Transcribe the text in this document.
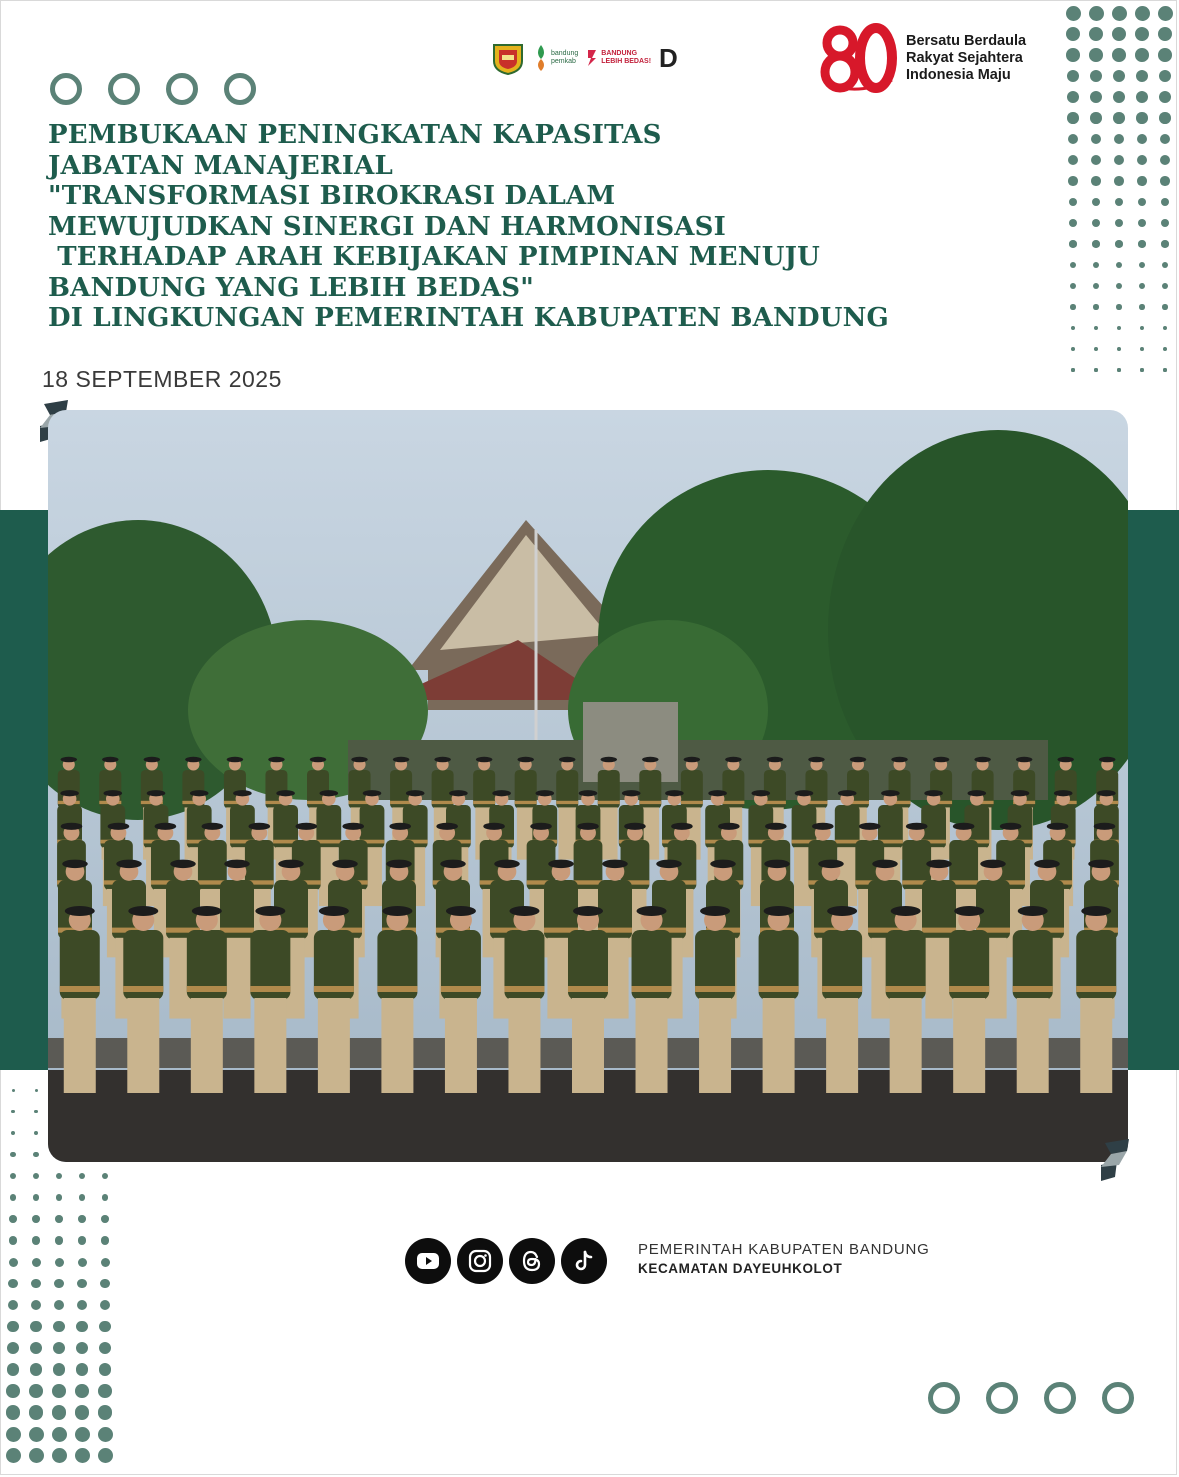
bandung
pemkab
BANDUNG
LEBIH BEDAS! D
Bersatu Berdaula
Rakyat Sejahtera
Indonesia Maju
PEMBUKAAN PENINGKATAN KAPASITAS
JABATAN MANAJERIAL
"TRANSFORMASI BIROKRASI DALAM
MEWUJUDKAN SINERGI DAN HARMONISASI
TERHADAP ARAH KEBIJAKAN PIMPINAN MENUJU
BANDUNG YANG LEBIH BEDAS"
DI LINGKUNGAN PEMERINTAH KABUPATEN BANDUNG
18 SEPTEMBER 2025
PEMERINTAH KABUPATEN BANDUNG
KECAMATAN DAYEUHKOLOT
